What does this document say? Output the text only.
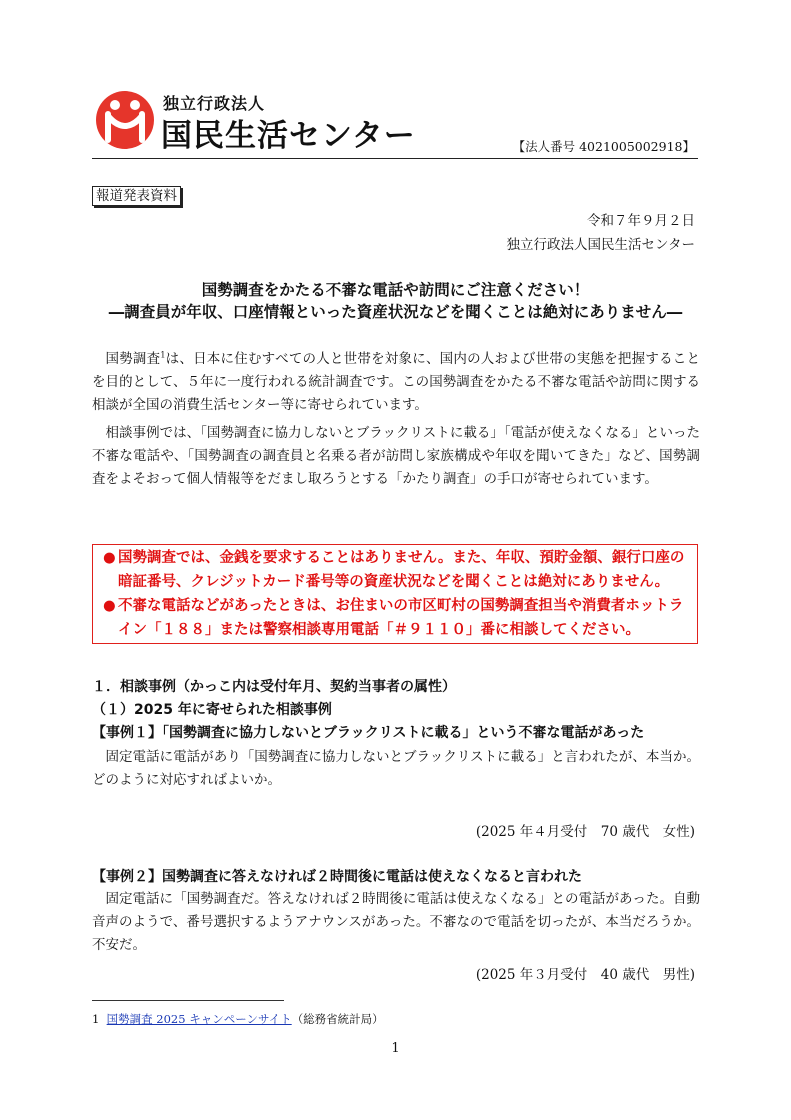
独立行政法人
国民生活センター	【法人番号 4021005002918】
報道発表資料
令和７年９月２日
独立行政法人国民生活センター
国勢調査をかたる不審な電話や訪問にご注意ください！
―調査員が年収、口座情報といった資産状況などを聞くことは絶対にありません―
国勢調査$^1$は、日本に住むすべての人と世帯を対象に、国内の人および世帯の実態を把握することを目的として、５年に一度行われる統計調査です。この国勢調査をかたる不審な電話や訪問に関する相談が全国の消費生活センター等に寄せられています。
相談事例では、「国勢調査に協力しないとブラックリストに載る」「電話が使えなくなる」といった不審な電話や、「国勢調査の調査員と名乗る者が訪問し家族構成や年収を聞いてきた」など、国勢調査をよそおって個人情報等をだまし取ろうとする「かたり調査」の手口が寄せられています。
● 国勢調査では、金銭を要求することはありません。また、年収、預貯金額、銀行口座の
暗証番号、クレジットカード番号等の資産状況などを聞くことは絶対にありません。
● 不審な電話などがあったときは、お住まいの市区町村の国勢調査担当や消費者ホットラ
イン「１８８」または警察相談専用電話「＃９１１０」番に相談してください。
１．相談事例（かっこ内は受付年月、契約当事者の属性）
（１）2025 年に寄せられた相談事例
【事例１】「国勢調査に協力しないとブラックリストに載る」という不審な電話があった
固定電話に電話があり「国勢調査に協力しないとブラックリストに載る」と言われたが、本当か。どのように対応すればよいか。
(2025 年４月受付　70 歳代　女性)
【事例２】国勢調査に答えなければ２時間後に電話は使えなくなると言われた
固定電話に「国勢調査だ。答えなければ２時間後に電話は使えなくなる」との電話があった。自動音声のようで、番号選択するようアナウンスがあった。不審なので電話を切ったが、本当だろうか。不安だ。
(2025 年３月受付　40 歳代　男性)
1 国勢調査 2025 キャンペーンサイト（総務省統計局）
1
